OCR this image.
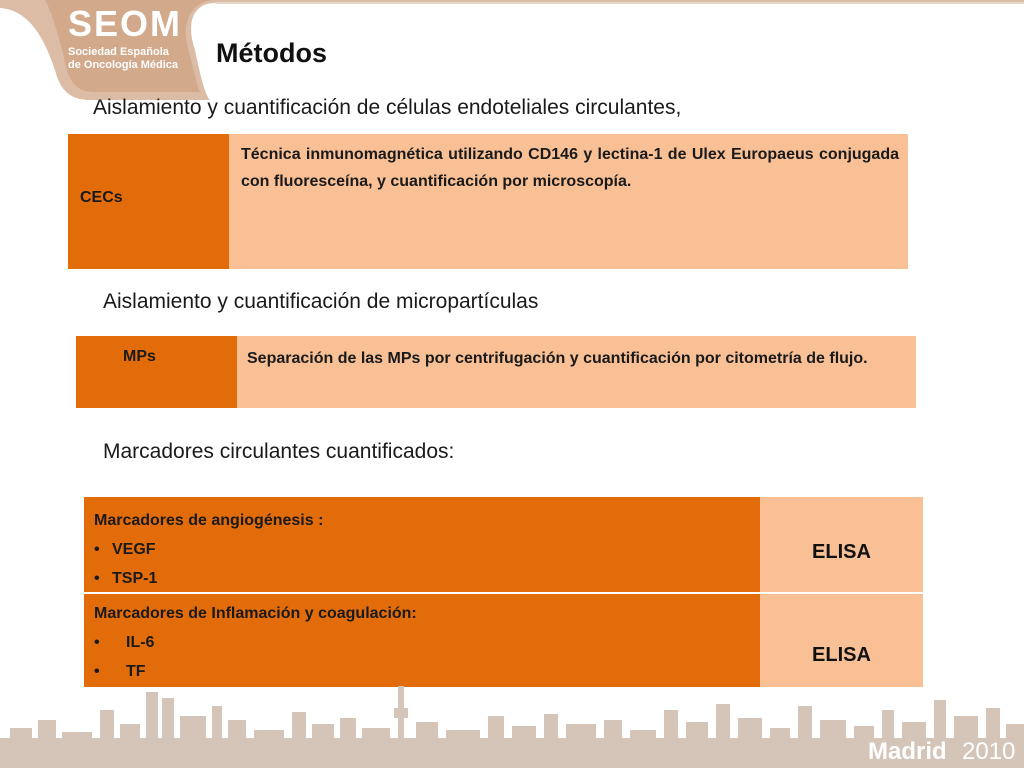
SEOM
Sociedad Española
de Oncología Médica	Métodos
Aislamiento y cuantificación de células endoteliales circulantes,
CECs
Técnica inmunomagnética utilizando CD146 y lectina-1 de Ulex Europaeus conjugada con fluoresceína, y cuantificación por microscopía.
Aislamiento y cuantificación de micropartículas
MPs	Separación de las MPs por centrifugación y cuantificación por citometría de flujo.
Marcadores circulantes cuantificados:
Marcadores de angiogénesis :
• VEGF
• TSP-1
ELISA
Marcadores de Inflamación y coagulación:
• IL-6
• TF
ELISA
Madrid 2010
